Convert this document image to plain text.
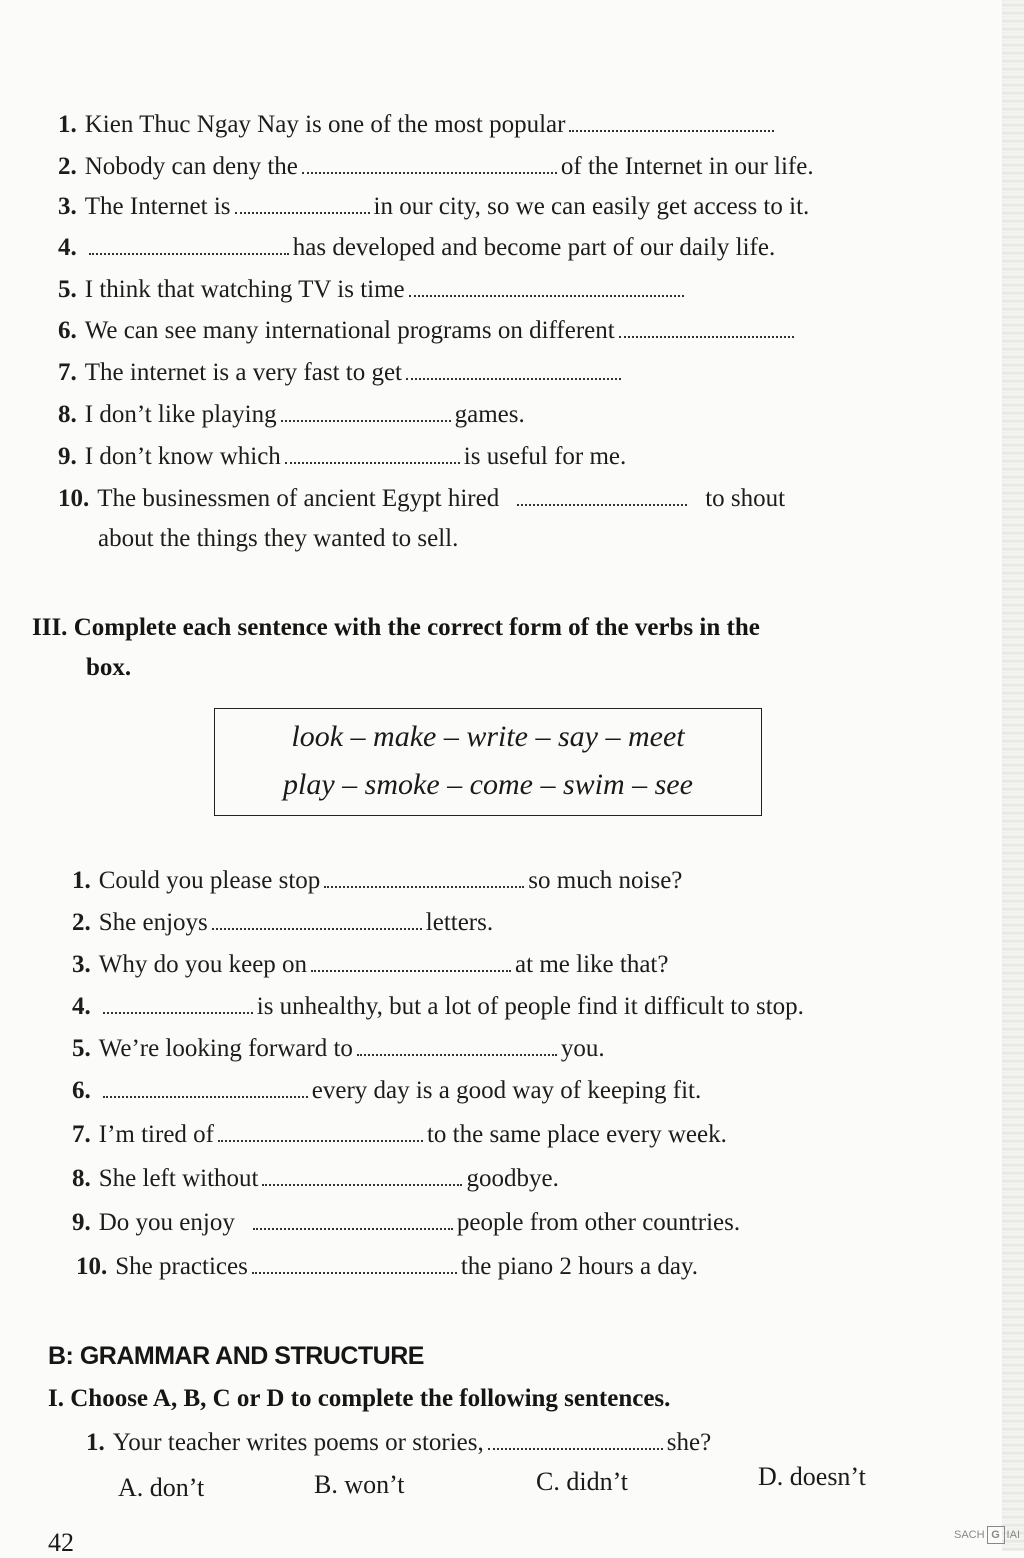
1. Kien Thuc Ngay Nay is one of the most popular
2. Nobody can deny the	of the Internet in our life.
3. The Internet is	in our city, so we can easily get access to it.
4.	has developed and become part of our daily life.
5. I think that watching TV is time
6. We can see many international programs on different
7. The internet is a very fast to get
8. I don’t like playing	games.
9. I don’t know which	is useful for me.
10. The businessmen of ancient Egypt hired	to shout
about the things they wanted to sell.
III. Complete each sentence with the correct form of the verbs in the
box.
look – make – write – say – meet
play – smoke – come – swim – see
1. Could you please stop	so much noise?
2. She enjoys	letters.
3. Why do you keep on	at me like that?
4.	is unhealthy, but a lot of people find it difficult to stop.
5. We’re looking forward to	you.
6.	every day is a good way of keeping fit.
7. I’m tired of	to the same place every week.
8. She left without	goodbye.
9. Do you enjoy	people from other countries.
10. She practices	the piano 2 hours a day.
B: GRAMMAR AND STRUCTURE
I. Choose A, B, C or D to complete the following sentences.
1. Your teacher writes poems or stories,	she?
A. don’t	B. won’t	C. didn’t	D. doesn’t
42	SACH G IAI
